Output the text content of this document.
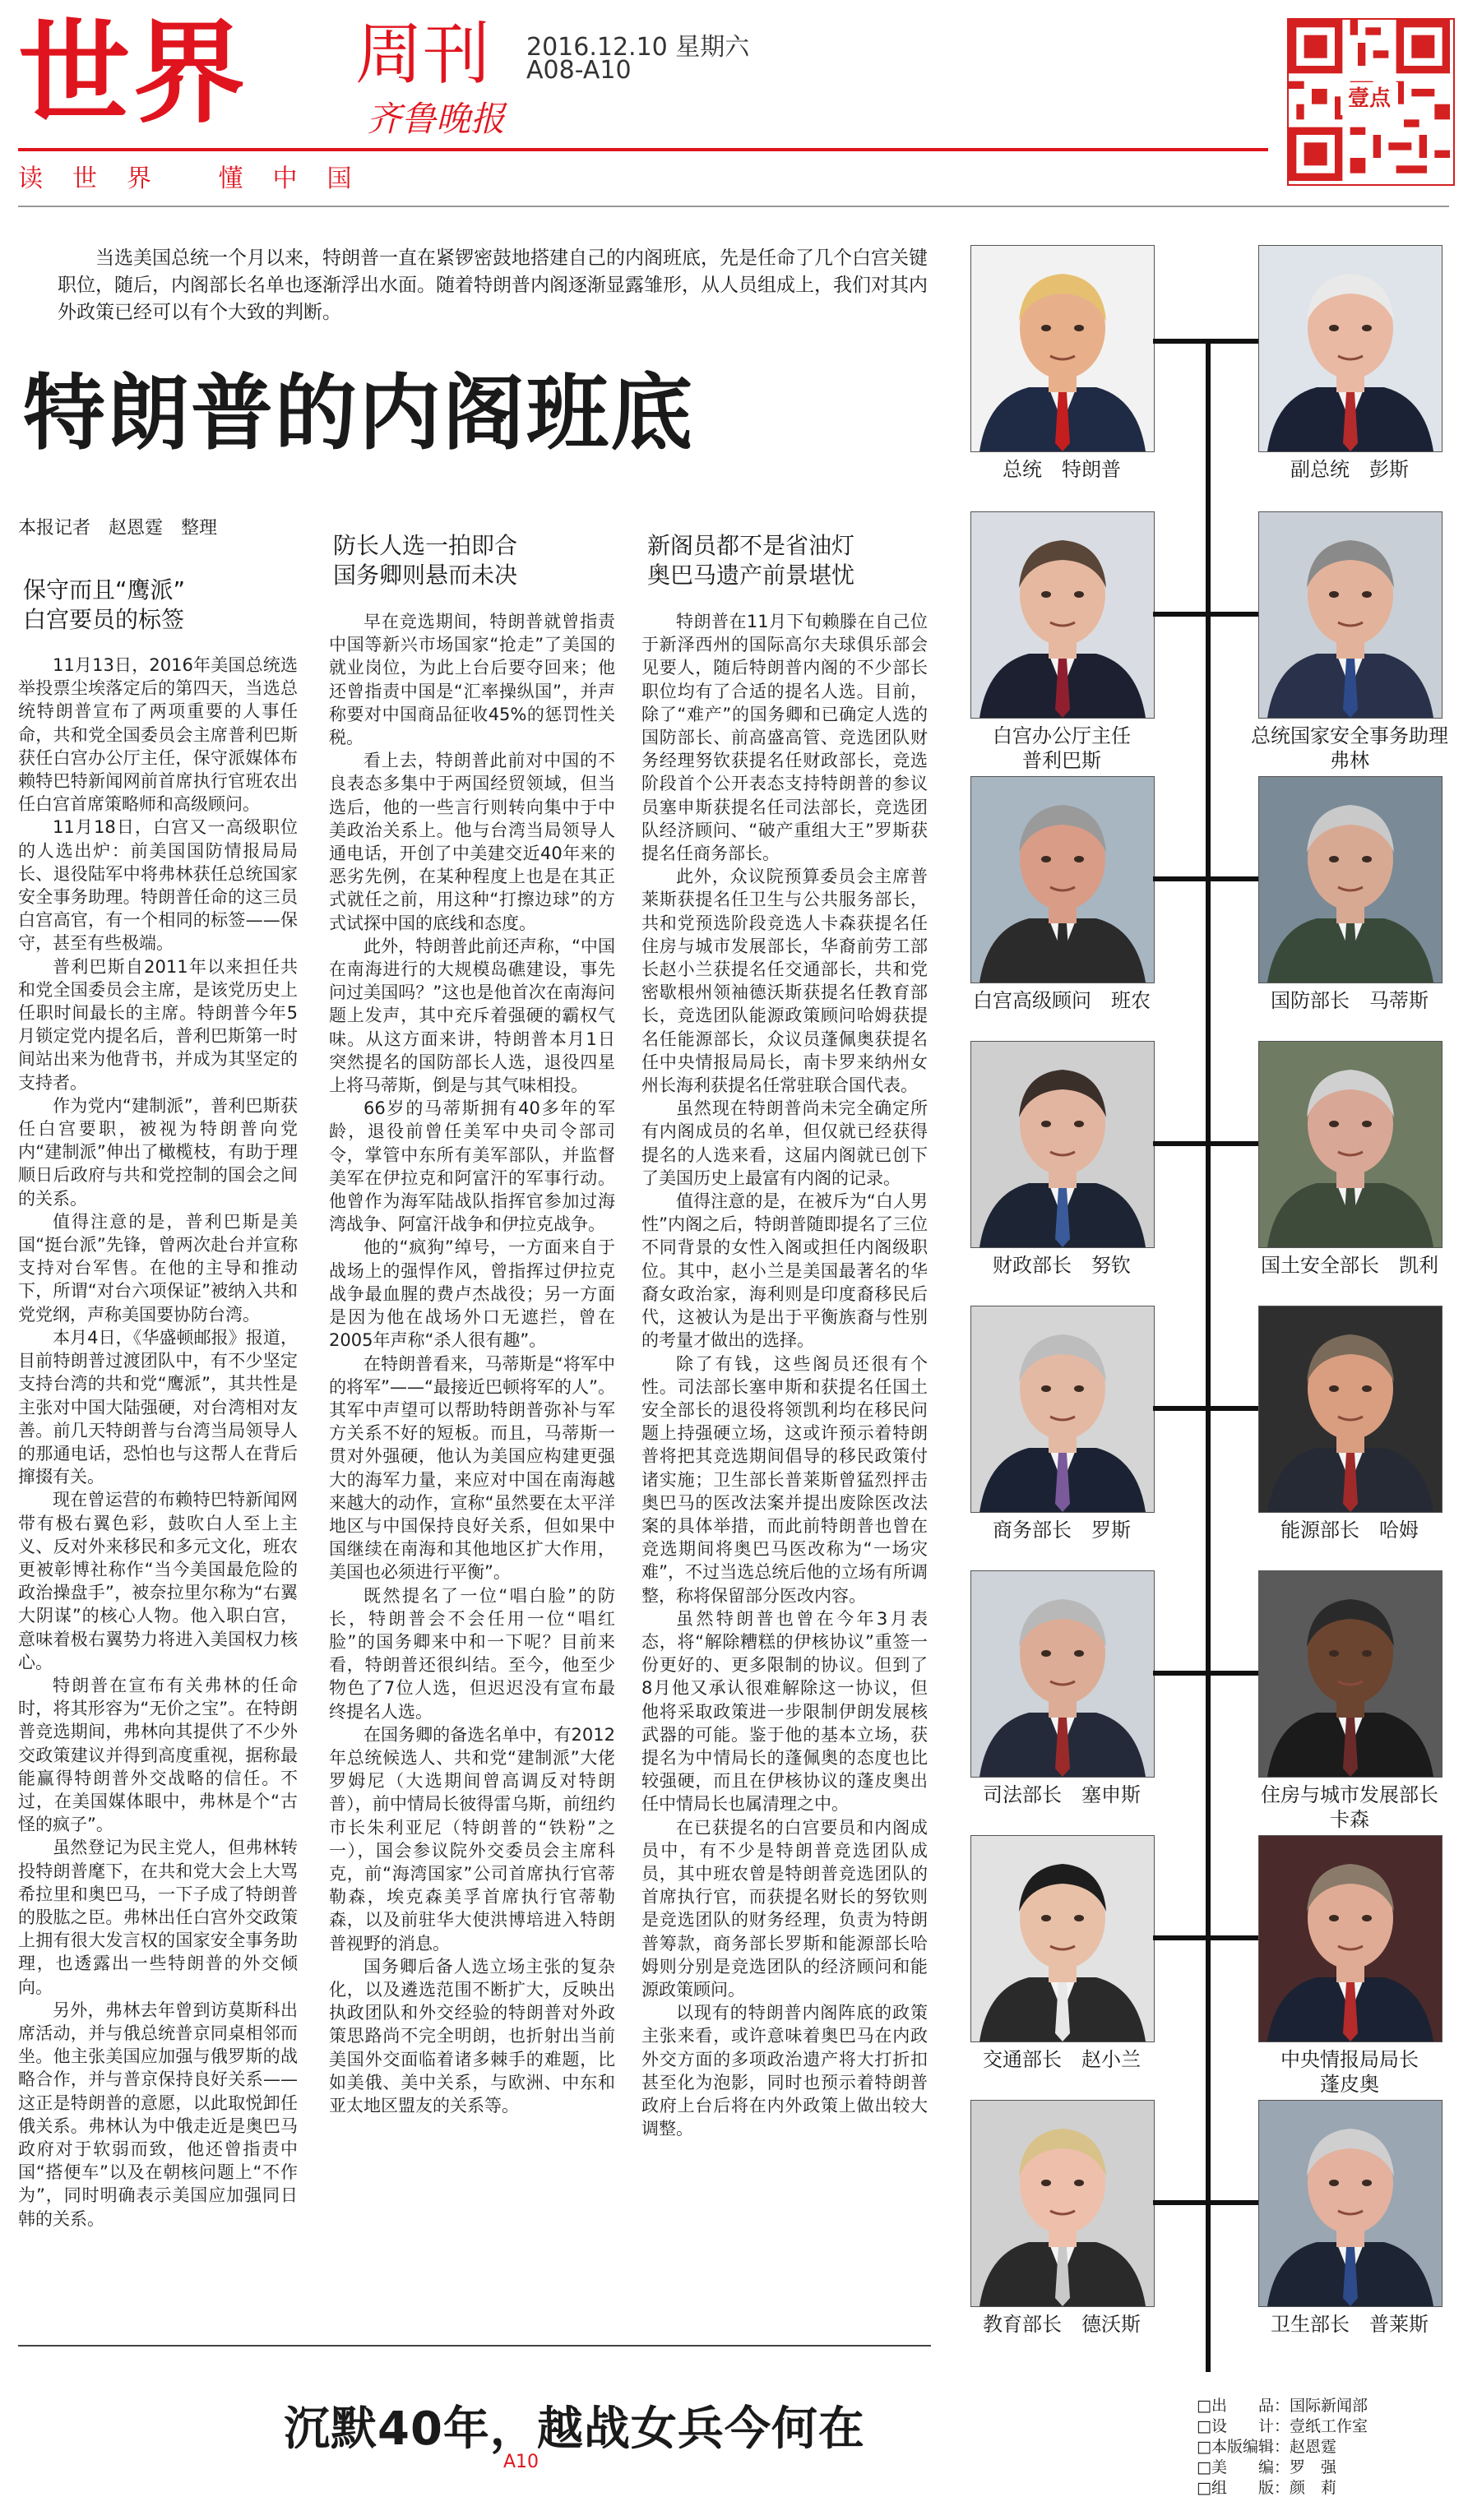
世界 周刊
齐鲁晚报
2016.12.10 星期六
A08-A10
壹点
读世界 懂中国
当选美国总统一个月以来，特朗普一直在紧锣密鼓地搭建自己的内阁班底，先是任命了几个白宫关键职位，随后，内阁部长名单也逐渐浮出水面。随着特朗普内阁逐渐显露雏形，从人员组成上，我们对其内外政策已经可以有个大致的判断。
特朗普的内阁班底
本报记者　赵恩霆　整理
保守而且“鹰派”
白宫要员的标签
防长人选一拍即合
国务卿则悬而未决
新阁员都不是省油灯
奥巴马遗产前景堪忧

11月13日，2016年美国总统选举投票尘埃落定后的第四天，当选总统特朗普宣布了两项重要的人事任命，共和党全国委员会主席普利巴斯获任白宫办公厅主任，保守派媒体布赖特巴特新闻网前首席执行官班农出任白宫首席策略师和高级顾问。

11月18日，白宫又一高级职位的人选出炉：前美国国防情报局局长、退役陆军中将弗林获任总统国家安全事务助理。特朗普任命的这三员白宫高官，有一个相同的标签——保守，甚至有些极端。

普利巴斯自2011年以来担任共和党全国委员会主席，是该党历史上任职时间最长的主席。特朗普今年5月锁定党内提名后，普利巴斯第一时间站出来为他背书，并成为其坚定的支持者。

作为党内“建制派”，普利巴斯获任白宫要职，被视为特朗普向党内“建制派”伸出了橄榄枝，有助于理顺日后政府与共和党控制的国会之间的关系。

值得注意的是，普利巴斯是美国“挺台派”先锋，曾两次赴台并宣称支持对台军售。在他的主导和推动下，所谓“对台六项保证”被纳入共和党党纲，声称美国要协防台湾。

本月4日，《华盛顿邮报》报道，目前特朗普过渡团队中，有不少坚定支持台湾的共和党“鹰派”，其共性是主张对中国大陆强硬，对台湾相对友善。前几天特朗普与台湾当局领导人的那通电话，恐怕也与这帮人在背后撺掇有关。

现在曾运营的布赖特巴特新闻网带有极右翼色彩，鼓吹白人至上主义、反对外来移民和多元文化，班农更被彰博社称作“当今美国最危险的政治操盘手”，被奈拉里尔称为“右翼大阴谋”的核心人物。他入职白宫，意味着极右翼势力将进入美国权力核心。

特朗普在宣布有关弗林的任命时，将其形容为“无价之宝”。在特朗普竞选期间，弗林向其提供了不少外交政策建议并得到高度重视，据称最能赢得特朗普外交战略的信任。不过，在美国媒体眼中，弗林是个“古怪的疯子”。

虽然登记为民主党人，但弗林转投特朗普麾下，在共和党大会上大骂希拉里和奥巴马，一下子成了特朗普的股肱之臣。弗林出任白宫外交政策上拥有很大发言权的国家安全事务助理，也透露出一些特朗普的外交倾向。

另外，弗林去年曾到访莫斯科出席活动，并与俄总统普京同桌相邻而坐。他主张美国应加强与俄罗斯的战略合作，并与普京保持良好关系——这正是特朗普的意愿，以此取悦卸任俄关系。弗林认为中俄走近是奥巴马政府对于软弱而致，他还曾指责中国“搭便车”以及在朝核问题上“不作为”，同时明确表示美国应加强同日韩的关系。

早在竞选期间，特朗普就曾指责中国等新兴市场国家“抢走”了美国的就业岗位，为此上台后要夺回来；他还曾指责中国是“汇率操纵国”，并声称要对中国商品征收45%的惩罚性关税。

看上去，特朗普此前对中国的不良表态多集中于两国经贸领域，但当选后，他的一些言行则转向集中于中美政治关系上。他与台湾当局领导人通电话，开创了中美建交近40年来的恶劣先例，在某种程度上也是在其正式就任之前，用这种“打擦边球”的方式试探中国的底线和态度。

此外，特朗普此前还声称，“中国在南海进行的大规模岛礁建设，事先问过美国吗？”这也是他首次在南海问题上发声，其中充斥着强硬的霸权气味。从这方面来讲，特朗普本月1日突然提名的国防部长人选，退役四星上将马蒂斯，倒是与其气味相投。

66岁的马蒂斯拥有40多年的军龄，退役前曾任美军中央司令部司令，掌管中东所有美军部队，并监督美军在伊拉克和阿富汗的军事行动。他曾作为海军陆战队指挥官参加过海湾战争、阿富汗战争和伊拉克战争。

他的“疯狗”绰号，一方面来自于战场上的强悍作风，曾指挥过伊拉克战争最血腥的费卢杰战役；另一方面是因为他在战场外口无遮拦，曾在2005年声称“杀人很有趣”。

在特朗普看来，马蒂斯是“将军中的将军”——“最接近巴顿将军的人”。其军中声望可以帮助特朗普弥补与军方关系不好的短板。而且，马蒂斯一贯对外强硬，他认为美国应构建更强大的海军力量，来应对中国在南海越来越大的动作，宣称“虽然要在太平洋地区与中国保持良好关系，但如果中国继续在南海和其他地区扩大作用，美国也必须进行平衡”。

既然提名了一位“唱白脸”的防长，特朗普会不会任用一位“唱红脸”的国务卿来中和一下呢？目前来看，特朗普还很纠结。至今，他至少物色了7位人选，但迟迟没有宣布最终提名人选。

在国务卿的备选名单中，有2012年总统候选人、共和党“建制派”大佬罗姆尼（大选期间曾高调反对特朗普），前中情局长彼得雷乌斯，前纽约市长朱利亚尼（特朗普的“铁粉”之一），国会参议院外交委员会主席科克，前“海湾国家”公司首席执行官蒂勒森，埃克森美孚首席执行官蒂勒森，以及前驻华大使洪博培进入特朗普视野的消息。

国务卿后备人选立场主张的复杂化，以及遴选范围不断扩大，反映出执政团队和外交经验的特朗普对外政策思路尚不完全明朗，也折射出当前美国外交面临着诸多棘手的难题，比如美俄、美中关系，与欧洲、中东和亚太地区盟友的关系等。

特朗普在11月下旬赖滕在自己位于新泽西州的国际高尔夫球俱乐部会见要人，随后特朗普内阁的不少部长职位均有了合适的提名人选。目前，除了“难产”的国务卿和已确定人选的国防部长、前高盛高管、竞选团队财务经理努钦获提名任财政部长，竞选阶段首个公开表态支持特朗普的参议员塞申斯获提名任司法部长，竞选团队经济顾问、“破产重组大王”罗斯获提名任商务部长。

此外，众议院预算委员会主席普莱斯获提名任卫生与公共服务部长，共和党预选阶段竞选人卡森获提名任住房与城市发展部长，华裔前劳工部长赵小兰获提名任交通部长，共和党密歇根州领袖德沃斯获提名任教育部长，竞选团队能源政策顾问哈姆获提名任能源部长，众议员蓬佩奥获提名任中央情报局局长，南卡罗来纳州女州长海利获提名任常驻联合国代表。

虽然现在特朗普尚未完全确定所有内阁成员的名单，但仅就已经获得提名的人选来看，这届内阁就已创下了美国历史上最富有内阁的记录。

值得注意的是，在被斥为“白人男性”内阁之后，特朗普随即提名了三位不同背景的女性入阁或担任内阁级职位。其中，赵小兰是美国最著名的华裔女政治家，海利则是印度裔移民后代，这被认为是出于平衡族裔与性别的考量才做出的选择。

除了有钱，这些阁员还很有个性。司法部长塞申斯和获提名任国土安全部长的退役将领凯利均在移民问题上持强硬立场，这或许预示着特朗普将把其竞选期间倡导的移民政策付诸实施；卫生部长普莱斯曾猛烈抨击奥巴马的医改法案并提出废除医改法案的具体举措，而此前特朗普也曾在竞选期间将奥巴马医改称为“一场灾难”，不过当选总统后他的立场有所调整，称将保留部分医改内容。

虽然特朗普也曾在今年3月表态，将“解除糟糕的伊核协议”重签一份更好的、更多限制的协议。但到了8月他又承认很难解除这一协议，但他将采取政策进一步限制伊朗发展核武器的可能。鉴于他的基本立场，获提名为中情局长的蓬佩奥的态度也比较强硬，而且在伊核协议的蓬皮奥出任中情局长也属清理之中。

在已获提名的白宫要员和内阁成员中，有不少是特朗普竞选团队成员，其中班农曾是特朗普竞选团队的首席执行官，而获提名财长的努钦则是竞选团队的财务经理，负责为特朗普筹款，商务部长罗斯和能源部长哈姆则分别是竞选团队的经济顾问和能源政策顾问。

以现有的特朗普内阁阵底的政策主张来看，或许意味着奥巴马在内政外交方面的多项政治遗产将大打折扣甚至化为泡影，同时也预示着特朗普政府上台后将在内外政策上做出较大调整。

沉默40年，越战女兵今何在
A10
总统　特朗普	副总统　彭斯
白宫办公厅主任
普利巴斯
总统国家安全事务助理
弗林
白宫高级顾问　班农	国防部长　马蒂斯
财政部长　努钦	国土安全部长　凯利
商务部长　罗斯	能源部长　哈姆
司法部长　塞申斯	住房与城市发展部长
卡森
交通部长　赵小兰	中央情报局局长
蓬皮奥
教育部长　德沃斯	卫生部长　普莱斯
□出　　品：国际新闻部
□设　　计：壹纸工作室
□本版编辑：赵恩霆
□美　　编：罗　强
□组　　版：颜　莉
